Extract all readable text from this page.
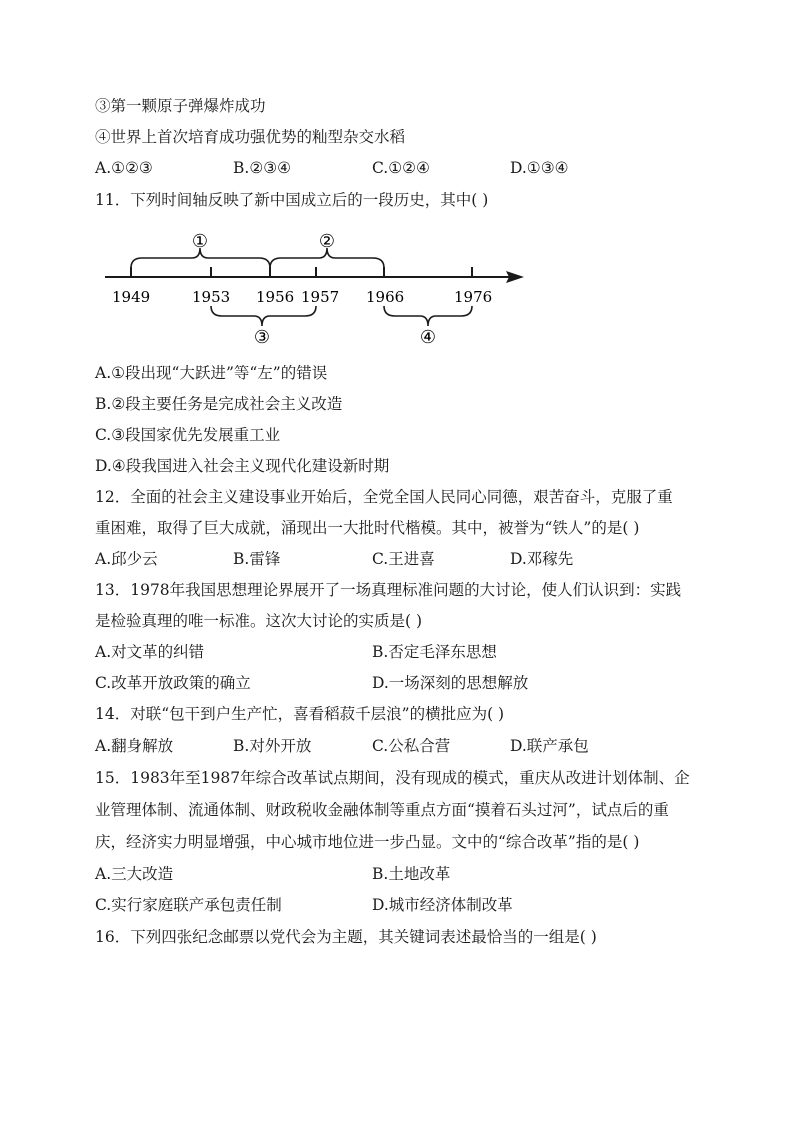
③第一颗原子弹爆炸成功
④世界上首次培育成功强优势的籼型杂交水稻
A.①②③	B.②③④	C.①②④	D.①③④
11．下列时间轴反映了新中国成立后的一段历史，其中( )
1949	1953 1956 1957 1966	1976
①	②
③	④
A.①段出现“大跃进”等“左”的错误
B.②段主要任务是完成社会主义改造
C.③段国家优先发展重工业
D.④段我国进入社会主义现代化建设新时期
12．全面的社会主义建设事业开始后，全党全国人民同心同德，艰苦奋斗，克服了重
重困难，取得了巨大成就，涌现出一大批时代楷模。其中，被誉为“铁人”的是( )
A.邱少云	B.雷锋	C.王进喜	D.邓稼先
13．1978年我国思想理论界展开了一场真理标准问题的大讨论，使人们认识到：实践
是检验真理的唯一标准。这次大讨论的实质是( )
A.对文革的纠错	B.否定毛泽东思想
C.改革开放政策的确立	D.一场深刻的思想解放
14．对联“包干到户生产忙，喜看稻菽千层浪”的横批应为( )
A.翻身解放	B.对外开放	C.公私合营	D.联产承包
15．1983年至1987年综合改革试点期间，没有现成的模式，重庆从改进计划体制、企
业管理体制、流通体制、财政税收金融体制等重点方面“摸着石头过河”，试点后的重
庆，经济实力明显增强，中心城市地位进一步凸显。文中的“综合改革”指的是( )
A.三大改造	B.土地改革
C.实行家庭联产承包责任制	D.城市经济体制改革
16．下列四张纪念邮票以党代会为主题，其关键词表述最恰当的一组是( )
